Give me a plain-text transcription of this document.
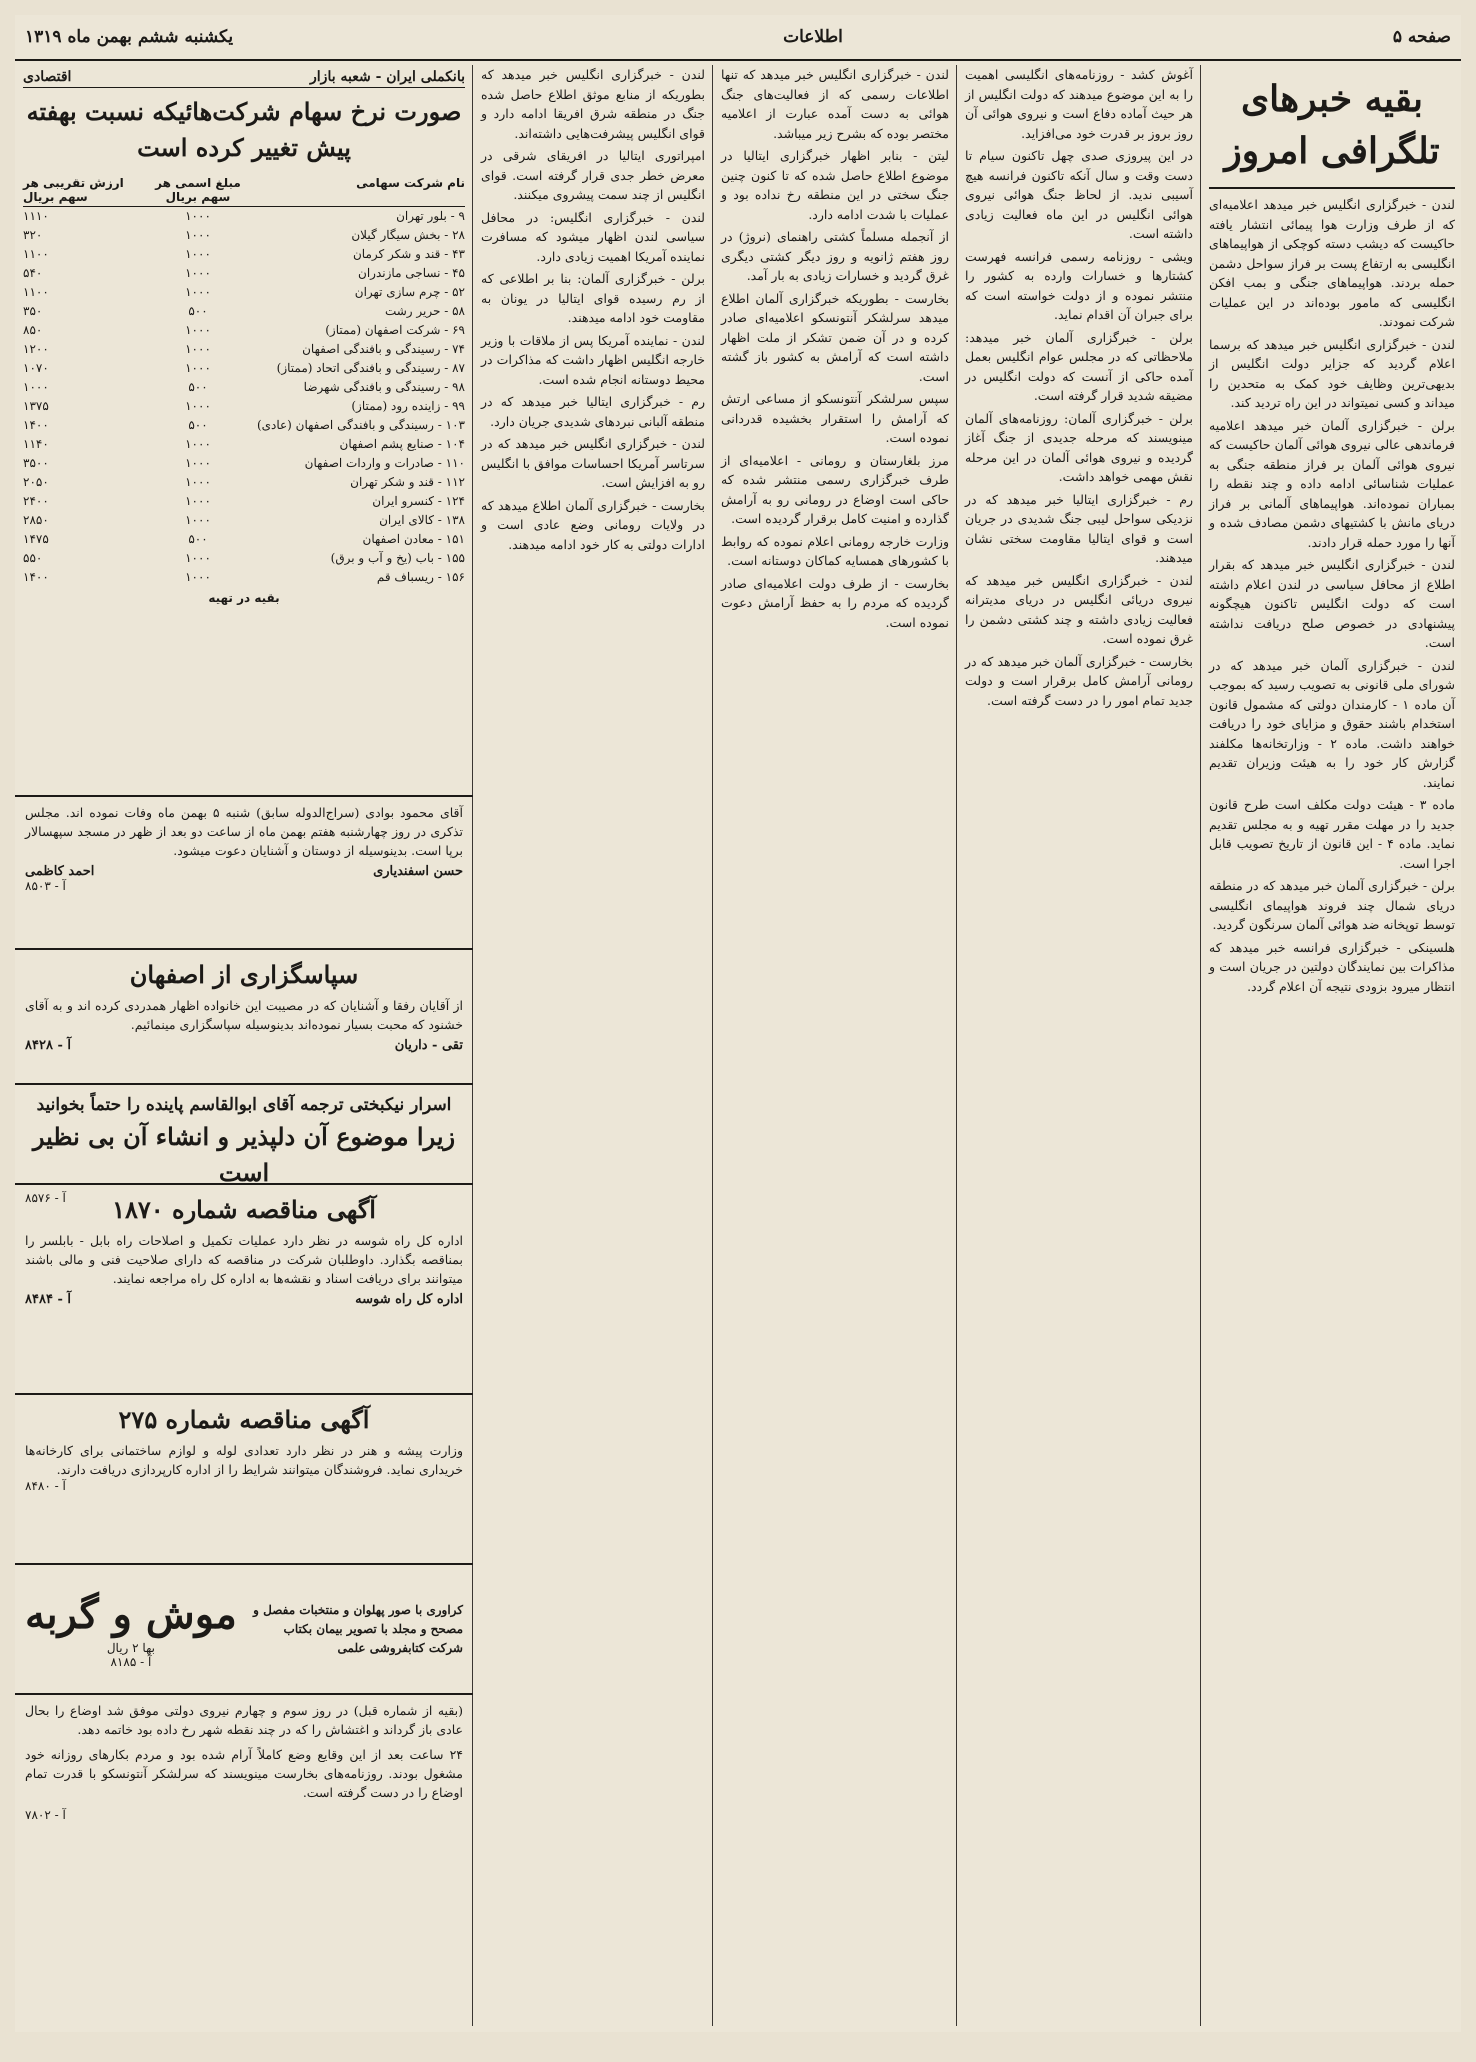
صفحه ۵
اطلاعات
یکشنبه ششم بهمن ماه ۱۳۱۹
بقیه خبرهای تلگرافی امروز

لندن - خبرگزاری انگلیس خبر میدهد اعلامیه‌ای که از طرف وزارت هوا پیمائی انتشار یافته حاکیست که دیشب دسته کوچکی از هواپیماهای انگلیسی به ارتفاع پست بر فراز سواحل دشمن حمله بردند. هواپیماهای جنگی و بمب افکن انگلیسی که مامور بوده‌اند در این عملیات شرکت نمودند.

لندن - خبرگزاری انگلیس خبر میدهد که برسما اعلام گردید که جزایر دولت انگلیس از بدیهی‌ترین وظایف خود کمک به متحدین را میداند و کسی نمیتواند در این راه تردید کند.

برلن - خبرگزاری آلمان خبر میدهد اعلامیه فرماندهی عالی نیروی هوائی آلمان حاکیست که نیروی هوائی آلمان بر فراز منطقه جنگی به عملیات شناسائی ادامه داده و چند نقطه را بمباران نموده‌اند. هواپیماهای آلمانی بر فراز دریای مانش با کشتیهای دشمن مصادف شده و آنها را مورد حمله قرار دادند.

لندن - خبرگزاری انگلیس خبر میدهد که بقرار اطلاع از محافل سیاسی در لندن اعلام داشته است که دولت انگلیس تاکنون هیچگونه پیشنهادی در خصوص صلح دریافت نداشته است.

لندن - خبرگزاری آلمان خبر میدهد که در شورای ملی قانونی به تصویب رسید که بموجب آن ماده ۱ - کارمندان دولتی که مشمول قانون استخدام باشند حقوق و مزایای خود را دریافت خواهند داشت. ماده ۲ - وزارتخانه‌ها مکلفند گزارش کار خود را به هیئت وزیران تقدیم نمایند.

ماده ۳ - هیئت دولت مکلف است طرح قانون جدید را در مهلت مقرر تهیه و به مجلس تقدیم نماید. ماده ۴ - این قانون از تاریخ تصویب قابل اجرا است.

برلن - خبرگزاری آلمان خبر میدهد که در منطقه دریای شمال چند فروند هواپیمای انگلیسی توسط توپخانه ضد هوائی آلمان سرنگون گردید.

هلسینکی - خبرگزاری فرانسه خبر میدهد که مذاکرات بین نمایندگان دولتین در جریان است و انتظار میرود بزودی نتیجه آن اعلام گردد.

آغوش کشد - روزنامه‌های انگلیسی اهمیت را به این موضوع میدهند که دولت انگلیس از هر حیث آماده دفاع است و نیروی هوائی آن روز بروز بر قدرت خود می‌افزاید.

در این پیروزی صدی چهل تاکنون سیام تا دست وقت و سال آنکه تاکنون فرانسه هیچ آسیبی ندید. از لحاظ جنگ هوائی نیروی هوائی انگلیس در این ماه فعالیت زیادی داشته است.

ویشی - روزنامه رسمی فرانسه فهرست کشتارها و خسارات وارده به کشور را منتشر نموده و از دولت خواسته است که برای جبران آن اقدام نماید.

برلن - خبرگزاری آلمان خبر میدهد: ملاحظاتی که در مجلس عوام انگلیس بعمل آمده حاکی از آنست که دولت انگلیس در مضیقه شدید قرار گرفته است.

برلن - خبرگزاری آلمان: روزنامه‌های آلمان مینویسند که مرحله جدیدی از جنگ آغاز گردیده و نیروی هوائی آلمان در این مرحله نقش مهمی خواهد داشت.

رم - خبرگزاری ایتالیا خبر میدهد که در نزدیکی سواحل لیبی جنگ شدیدی در جریان است و قوای ایتالیا مقاومت سختی نشان میدهند.

لندن - خبرگزاری انگلیس خبر میدهد که نیروی دریائی انگلیس در دریای مدیترانه فعالیت زیادی داشته و چند کشتی دشمن را غرق نموده است.

بخارست - خبرگزاری آلمان خبر میدهد که در رومانی آرامش کامل برقرار است و دولت جدید تمام امور را در دست گرفته است.

لندن - خبرگزاری انگلیس خبر میدهد که تنها اطلاعات رسمی که از فعالیت‌های جنگ هوائی به دست آمده عبارت از اعلامیه مختصر بوده که بشرح زیر میباشد.

لیتن - بنابر اظهار خبرگزاری ایتالیا در موضوع اطلاع حاصل شده که تا کنون چنین جنگ سختی در این منطقه رخ نداده بود و عملیات با شدت ادامه دارد.

از آنجمله مسلماً کشتی راهنمای (نروژ) در روز هفتم ژانویه و روز دیگر کشتی دیگری غرق گردید و خسارات زیادی به بار آمد.

بخارست - بطوریکه خبرگزاری آلمان اطلاع میدهد سرلشکر آنتونسکو اعلامیه‌ای صادر کرده و در آن ضمن تشکر از ملت اظهار داشته است که آرامش به کشور باز گشته است.

سپس سرلشکر آنتونسکو از مساعی ارتش که آرامش را استقرار بخشیده قدردانی نموده است.

مرز بلغارستان و رومانی - اعلامیه‌ای از طرف خبرگزاری رسمی منتشر شده که حاکی است اوضاع در رومانی رو به آرامش گذارده و امنیت کامل برقرار گردیده است.

وزارت خارجه رومانی اعلام نموده که روابط با کشورهای همسایه کماکان دوستانه است.

بخارست - از طرف دولت اعلامیه‌ای صادر گردیده که مردم را به حفظ آرامش دعوت نموده است.

لندن - خبرگزاری انگلیس خبر میدهد که بطوریکه از منابع موثق اطلاع حاصل شده جنگ در منطقه شرق افریقا ادامه دارد و قوای انگلیس پیشرفت‌هایی داشته‌اند.

امپراتوری ایتالیا در افریقای شرقی در معرض خطر جدی قرار گرفته است. قوای انگلیس از چند سمت پیشروی میکنند.

لندن - خبرگزاری انگلیس: در محافل سیاسی لندن اظهار میشود که مسافرت نماینده آمریکا اهمیت زیادی دارد.

برلن - خبرگزاری آلمان: بنا بر اطلاعی که از رم رسیده قوای ایتالیا در یونان به مقاومت خود ادامه میدهند.

لندن - نماینده آمریکا پس از ملاقات با وزیر خارجه انگلیس اظهار داشت که مذاکرات در محیط دوستانه انجام شده است.

رم - خبرگزاری ایتالیا خبر میدهد که در منطقه آلبانی نبردهای شدیدی جریان دارد.

لندن - خبرگزاری انگلیس خبر میدهد که در سرتاسر آمریکا احساسات موافق با انگلیس رو به افزایش است.

بخارست - خبرگزاری آلمان اطلاع میدهد که در ولایات رومانی وضع عادی است و ادارات دولتی به کار خود ادامه میدهند.

بانکملی ایران - شعبه بازار
اقتصادی
صورت نرخ سهام شرکت‌هائیکه نسبت بهفته پیش تغییر کرده است
نام شرکت سهامی
مبلغ اسمی هر سهم بریال
ارزش تقریبی هر سهم بریال
۹ - بلور تهران
۱۰۰۰
۱۱۱۰
۲۸ - بخش سیگار گیلان
۱۰۰۰
۳۲۰
۴۳ - قند و شکر کرمان
۱۰۰۰
۱۱۰۰
۴۵ - نساجی مازندران
۱۰۰۰
۵۴۰
۵۲ - چرم سازی تهران
۱۰۰۰
۱۱۰۰
۵۸ - حریر رشت
۵۰۰
۳۵۰
۶۹ - شرکت اصفهان (ممتاز)
۱۰۰۰
۸۵۰
۷۴ - رسیندگی و بافندگی اصفهان
۱۰۰۰
۱۲۰۰
۸۷ - رسیندگی و بافندگی اتحاد (ممتاز)
۱۰۰۰
۱۰۷۰
۹۸ - رسیندگی و بافندگی شهرضا
۵۰۰
۱۰۰۰
۹۹ - زاینده رود (ممتاز)
۱۰۰۰
۱۳۷۵
۱۰۳ - رسیندگی و بافندگی اصفهان (عادی)
۵۰۰
۱۴۰۰
۱۰۴ - صنایع پشم اصفهان
۱۰۰۰
۱۱۴۰
۱۱۰ - صادرات و واردات اصفهان
۱۰۰۰
۳۵۰۰
۱۱۲ - قند و شکر تهران
۱۰۰۰
۲۰۵۰
۱۲۴ - کنسرو ایران
۱۰۰۰
۲۴۰۰
۱۳۸ - کالای ایران
۱۰۰۰
۲۸۵۰
۱۵۱ - معادن اصفهان
۵۰۰
۱۴۷۵
۱۵۵ - باب (یخ و آب و برق)
۱۰۰۰
۵۵۰
۱۵۶ - ریسباف قم
۱۰۰۰
۱۴۰۰
بقیه در تهیه
آقای محمود بوادی (سراج‌الدوله سابق) شنبه ۵ بهمن ماه وفات نموده اند. مجلس تذکری در روز چهارشنبه هفتم بهمن ماه از ساعت دو بعد از ظهر در مسجد سپهسالار برپا است. بدینوسیله از دوستان و آشنایان دعوت میشود.
حسن اسفندیاری
احمد کاظمی
آ - ۸۵۰۳
سپاسگزاری از اصفهان
از آقایان رفقا و آشنایان که در مصیبت این خانواده اظهار همدردی کرده اند و به آقای خشنود که محبت بسیار نموده‌اند بدینوسیله سپاسگزاری مینمائیم.
تقی - داریان
آ - ۸۴۲۸
اسرار نیکبختی ترجمه آقای ابوالقاسم پاینده را حتماً بخوانید
زیرا موضوع آن دلپذیر و انشاء آن بی نظیر است
آ - ۸۵۷۶	آگهی مناقصه شماره ۱۸۷۰
اداره کل راه شوسه در نظر دارد عملیات تکمیل و اصلاحات راه بابل - بابلسر را بمناقصه بگذارد. داوطلبان شرکت در مناقصه که دارای صلاحیت فنی و مالی باشند میتوانند برای دریافت اسناد و نقشه‌ها به اداره کل راه مراجعه نمایند.
اداره کل راه شوسه
آ - ۸۴۸۴
آگهی مناقصه شماره ۲۷۵
وزارت پیشه و هنر در نظر دارد تعدادی لوله و لوازم ساختمانی برای کارخانه‌ها خریداری نماید. فروشندگان میتوانند شرایط را از اداره کارپردازی دریافت دارند.
آ - ۸۴۸۰
کراوری با صور پهلوان و منتخبات مفصل و مصحح و مجلد با تصویر بیمان بکتاب شرکت کتابفروشی علمی
موش و گربه
بها ۲ ریال
آ - ۸۱۸۵
(بقیه از شماره قبل) در روز سوم و چهارم نیروی دولتی موفق شد اوضاع را بحال عادی باز گرداند و اغتشاش را که در چند نقطه شهر رخ داده بود خاتمه دهد.
۲۴ ساعت بعد از این وقایع وضع کاملاً آرام شده بود و مردم بکارهای روزانه خود مشغول بودند. روزنامه‌های بخارست مینویسند که سرلشکر آنتونسکو با قدرت تمام اوضاع را در دست گرفته است.
آ - ۷۸۰۲
